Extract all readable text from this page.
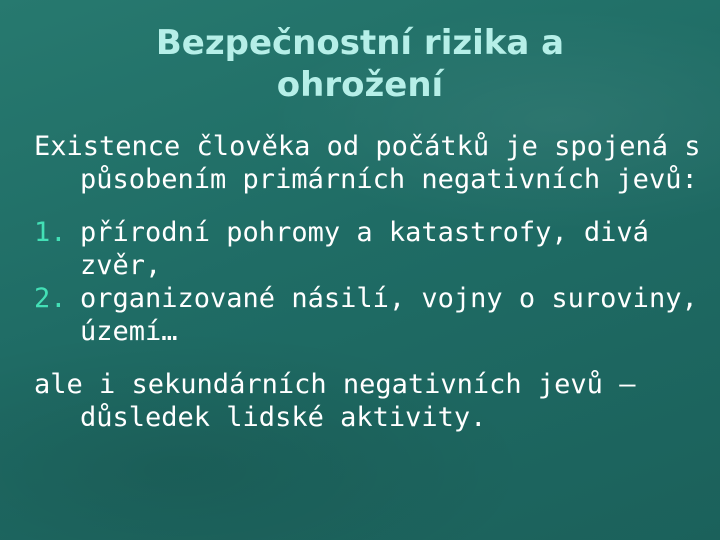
Bezpečnostní rizika a
ohrožení

Existence člověka od počátků je spojená s působením primárních negativních jevů:

1. přírodní pohromy a katastrofy, divá zvěr,
2. organizované násilí, vojny o suroviny, území…

ale i sekundárních negativních jevů – důsledek lidské aktivity.
